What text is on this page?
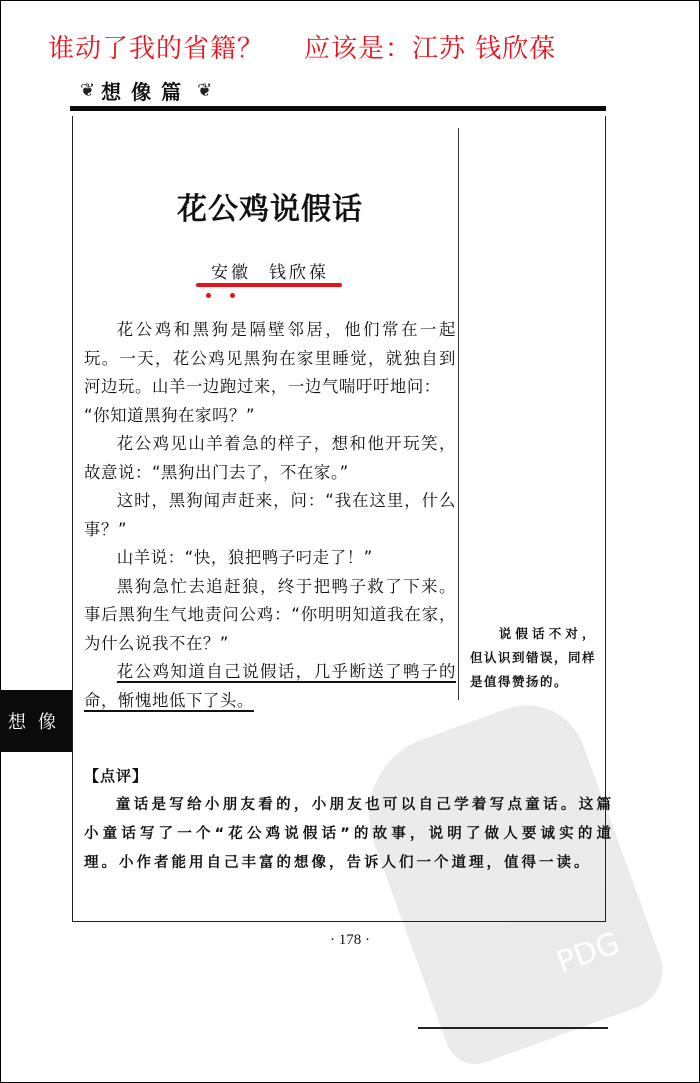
PDG
谁动了我的省籍？ 应该是：江苏 钱欣葆
❦ 想像篇 ❦
花公鸡说假话
安徽 钱欣葆

花公鸡和黑狗是隔壁邻居，他们常在一起玩。一天，花公鸡见黑狗在家里睡觉，就独自到河边玩。山羊一边跑过来，一边气喘吁吁地问：

“你知道黑狗在家吗？”

花公鸡见山羊着急的样子，想和他开玩笑，故意说：“黑狗出门去了，不在家。”

这时，黑狗闻声赶来，问：“我在这里，什么事？”

山羊说：“快，狼把鸭子叼走了！”

黑狗急忙去追赶狼，终于把鸭子救了下来。事后黑狗生气地责问公鸡：“你明明知道我在家，为什么说我不在？”

花公鸡知道自己说假话，几乎断送了鸭子的命，惭愧地低下了头。

说假话不对，但认识到错误，同样是值得赞扬的。

想像
【点评】

童话是写给小朋友看的，小朋友也可以自己学着写点童话。这篇小童话写了一个“花公鸡说假话”的故事，说明了做人要诚实的道理。小作者能用自己丰富的想像，告诉人们一个道理，值得一读。

· 178 ·
